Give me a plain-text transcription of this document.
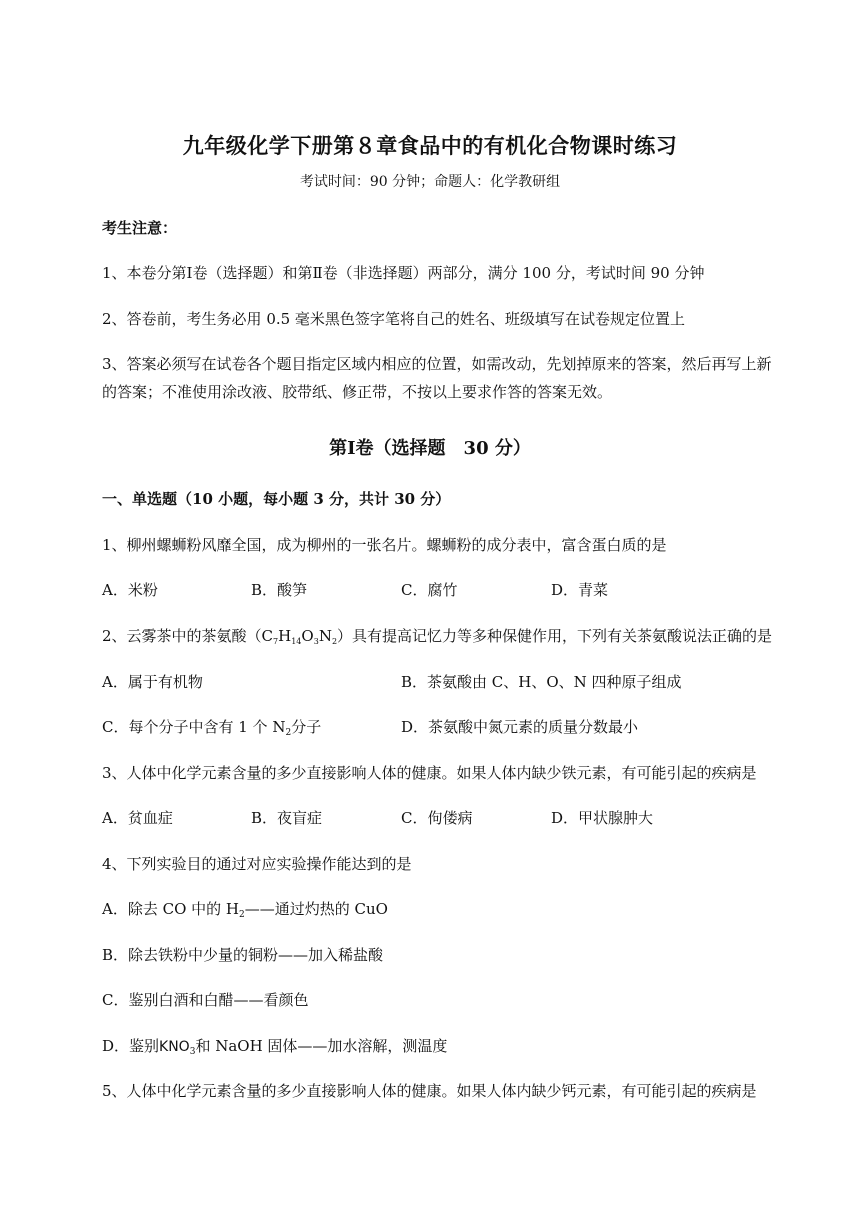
九年级化学下册第８章食品中的有机化合物课时练习
考试时间：90 分钟；命题人：化学教研组
考生注意：
1、本卷分第Ⅰ卷（选择题）和第Ⅱ卷（非选择题）两部分，满分 100 分，考试时间 90 分钟
2、答卷前，考生务必用 0.5 毫米黑色签字笔将自己的姓名、班级填写在试卷规定位置上
3、答案必须写在试卷各个题目指定区域内相应的位置，如需改动，先划掉原来的答案，然后再写上新
的答案；不准使用涂改液、胶带纸、修正带，不按以上要求作答的答案无效。
第Ⅰ卷（选择题　30 分）
一、单选题（10 小题，每小题 3 分，共计 30 分）
1、柳州螺蛳粉风靡全国，成为柳州的一张名片。螺蛳粉的成分表中，富含蛋白质的是
A．米粉	B．酸笋	C．腐竹	D．青菜
2、云雾茶中的茶氨酸$(C_7H_{14}O_3N_2)$具有提高记忆力等多种保健作用，下列有关茶氨酸说法正确的是
A．属于有机物	B．茶氨酸由 C、H、O、N 四种原子组成
C．每个分子中含有 1 个 $N_2$分子	D．茶氨酸中氮元素的质量分数最小
3、人体中化学元素含量的多少直接影响人体的健康。如果人体内缺少铁元素，有可能引起的疾病是
A．贫血症	B．夜盲症	C．佝偻病	D．甲状腺肿大
4、下列实验目的通过对应实验操作能达到的是
A．除去 CO 中的 $H_2——$通过灼热的 CuO
B．除去铁粉中少量的铜粉——加入稀盐酸
C．鉴别白酒和白醋——看颜色
D．鉴别$KNO_3$和 NaOH 固体——加水溶解，测温度
5、人体中化学元素含量的多少直接影响人体的健康。如果人体内缺少钙元素，有可能引起的疾病是
